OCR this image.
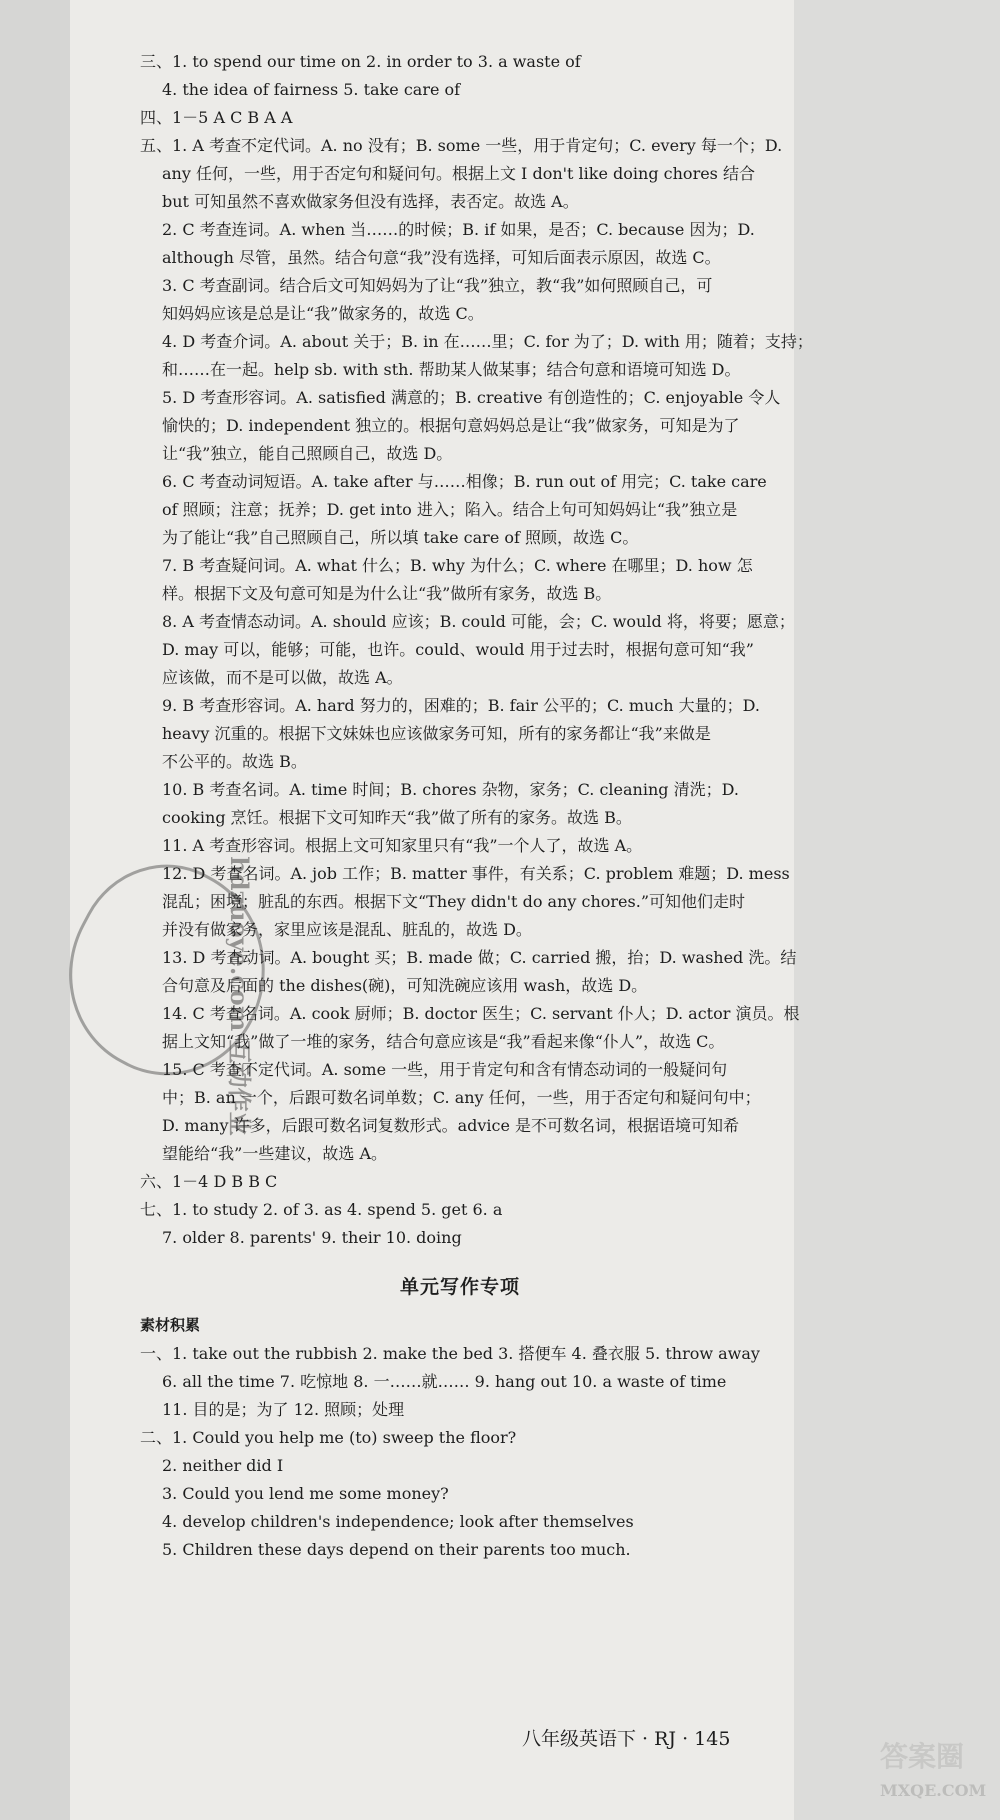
三、1. to spend our time on 2. in order to 3. a waste of
4. the idea of fairness 5. take care of
四、1－5 A C B A A
五、1. A 考查不定代词。A. no 没有；B. some 一些，用于肯定句；C. every 每一个；D.
any 任何，一些，用于否定句和疑问句。根据上文 I don't like doing chores 结合
but 可知虽然不喜欢做家务但没有选择，表否定。故选 A。
2. C 考查连词。A. when 当……的时候；B. if 如果，是否；C. because 因为；D.
although 尽管，虽然。结合句意“我”没有选择，可知后面表示原因，故选 C。
3. C 考查副词。结合后文可知妈妈为了让“我”独立，教“我”如何照顾自己，可
知妈妈应该是总是让“我”做家务的，故选 C。
4. D 考查介词。A. about 关于；B. in 在……里；C. for 为了；D. with 用；随着；支持；
和……在一起。help sb. with sth. 帮助某人做某事；结合句意和语境可知选 D。
5. D 考查形容词。A. satisfied 满意的；B. creative 有创造性的；C. enjoyable 令人
愉快的；D. independent 独立的。根据句意妈妈总是让“我”做家务，可知是为了
让“我”独立，能自己照顾自己，故选 D。
6. C 考查动词短语。A. take after 与……相像；B. run out of 用完；C. take care
of 照顾；注意；抚养；D. get into 进入；陷入。结合上句可知妈妈让“我”独立是
为了能让“我”自己照顾自己，所以填 take care of 照顾，故选 C。
7. B 考查疑问词。A. what 什么；B. why 为什么；C. where 在哪里；D. how 怎
样。根据下文及句意可知是为什么让“我”做所有家务，故选 B。
8. A 考查情态动词。A. should 应该；B. could 可能，会；C. would 将，将要；愿意；
D. may 可以，能够；可能，也许。could、would 用于过去时，根据句意可知“我”
应该做，而不是可以做，故选 A。
9. B 考查形容词。A. hard 努力的，困难的；B. fair 公平的；C. much 大量的；D.
heavy 沉重的。根据下文妹妹也应该做家务可知，所有的家务都让“我”来做是
不公平的。故选 B。
10. B 考查名词。A. time 时间；B. chores 杂物，家务；C. cleaning 清洗；D.
cooking 烹饪。根据下文可知昨天“我”做了所有的家务。故选 B。
11. A 考查形容词。根据上文可知家里只有“我”一个人了，故选 A。
12. D 考查名词。A. job 工作；B. matter 事件，有关系；C. problem 难题；D. mess
混乱；困境；脏乱的东西。根据下文“They didn't do any chores.”可知他们走时
并没有做家务，家里应该是混乱、脏乱的，故选 D。
13. D 考查动词。A. bought 买；B. made 做；C. carried 搬，抬；D. washed 洗。结
合句意及后面的 the dishes(碗)，可知洗碗应该用 wash，故选 D。
14. C 考查名词。A. cook 厨师；B. doctor 医生；C. servant 仆人；D. actor 演员。根
据上文知“我”做了一堆的家务，结合句意应该是“我”看起来像“仆人”，故选 C。
15. C 考查不定代词。A. some 一些，用于肯定句和含有情态动词的一般疑问句
中；B. an 一个，后跟可数名词单数；C. any 任何，一些，用于否定句和疑问句中；
D. many 许多，后跟可数名词复数形式。advice 是不可数名词，根据语境可知希
望能给“我”一些建议，故选 A。
六、1－4 D B B C
七、1. to study 2. of 3. as 4. spend 5. get 6. a
7. older 8. parents' 9. their 10. doing
单元写作专项
素材积累
一、1. take out the rubbish 2. make the bed 3. 搭便车 4. 叠衣服 5. throw away
6. all the time 7. 吃惊地 8. 一……就…… 9. hang out 10. a waste of time
11. 目的是；为了 12. 照顾；处理
二、1. Could you help me (to) sweep the floor?
2. neither did I
3. Could you lend me some money?
4. develop children's independence; look after themselves
5. Children these days depend on their parents too much.
八年级英语下 · RJ · 145
hdzuoye.com 互动作业
答案圈
MXQE.COM
